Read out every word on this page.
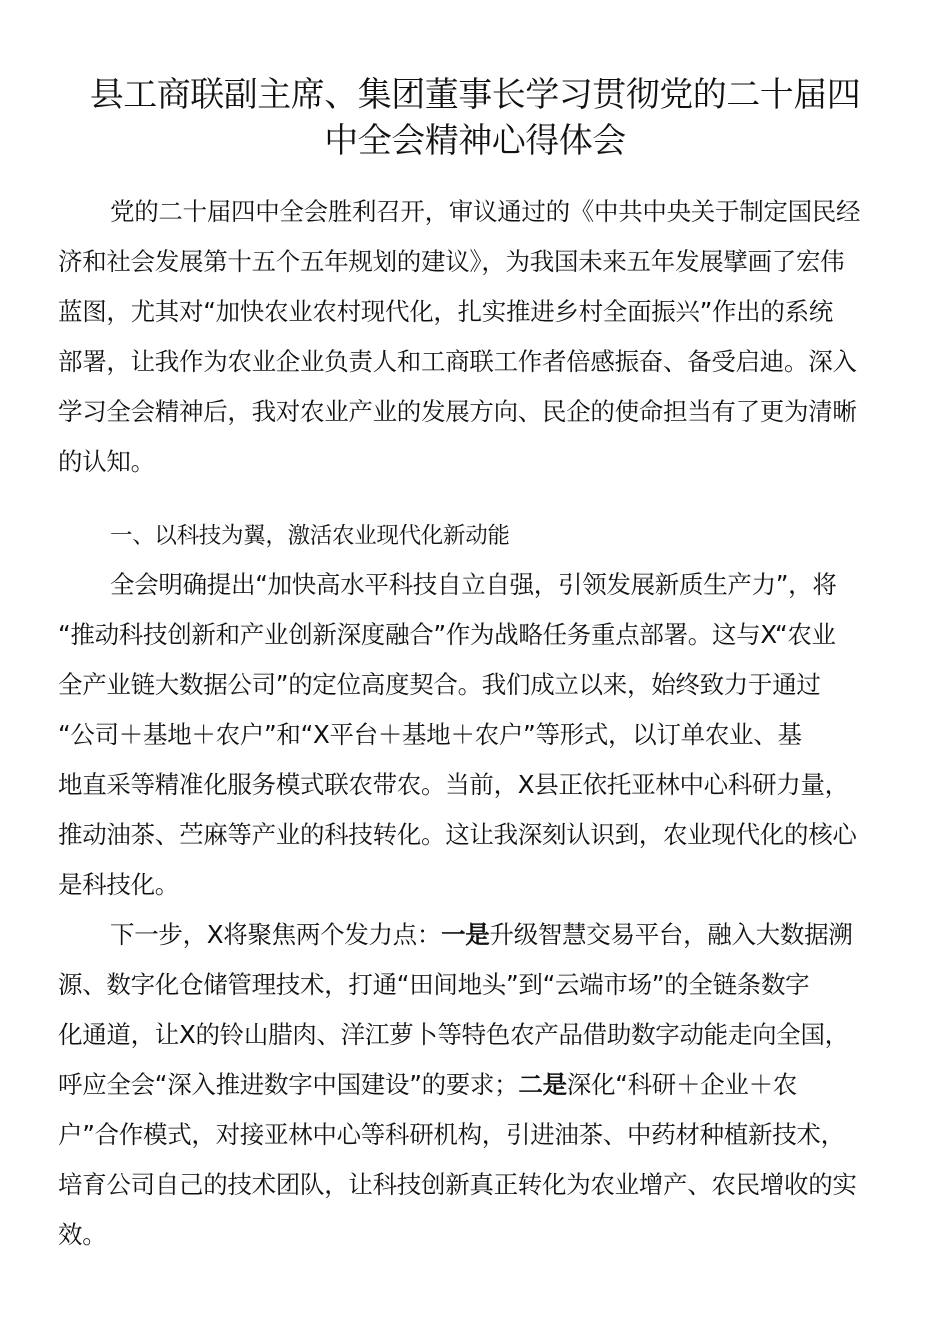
县工商联副主席、集团董事长学习贯彻党的二十届四
中全会精神心得体会
党的二十届四中全会胜利召开，审议通过的《中共中央关于制定国民经
济和社会发展第十五个五年规划的建议》，为我国未来五年发展擘画了宏伟
蓝图，尤其对“加快农业农村现代化，扎实推进乡村全面振兴”作出的系统
部署，让我作为农业企业负责人和工商联工作者倍感振奋、备受启迪。深入
学习全会精神后，我对农业产业的发展方向、民企的使命担当有了更为清晰
的认知。
一、以科技为翼，激活农业现代化新动能
全会明确提出“加快高水平科技自立自强，引领发展新质生产力”，将
“推动科技创新和产业创新深度融合”作为战略任务重点部署。这与X“农业
全产业链大数据公司”的定位高度契合。我们成立以来，始终致力于通过
“公司＋基地＋农户”和“X平台＋基地＋农户”等形式，以订单农业、基
地直采等精准化服务模式联农带农。当前，X县正依托亚林中心科研力量，
推动油茶、苎麻等产业的科技转化。这让我深刻认识到，农业现代化的核心
是科技化。
下一步，X将聚焦两个发力点：一是升级智慧交易平台，融入大数据溯
源、数字化仓储管理技术，打通“田间地头”到“云端市场”的全链条数字
化通道，让X的铃山腊肉、洋江萝卜等特色农产品借助数字动能走向全国，
呼应全会“深入推进数字中国建设”的要求；二是深化“科研＋企业＋农
户”合作模式，对接亚林中心等科研机构，引进油茶、中药材种植新技术，
培育公司自己的技术团队，让科技创新真正转化为农业增产、农民增收的实
效。
